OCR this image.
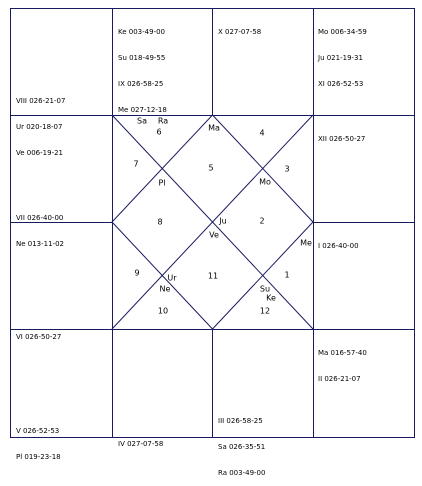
VIII 026-21-07

Ur 020-18-07

Ve 006-19-21

Ke 003-49-00

Su 018-49-55

IX 026-58-25

Me 027-12-18

X 027-07-58

	Mo 006-34-59

Ju 021-19-31

XI 026-52-53

VII 026-40-00

Ne 013-11-02

XII 026-50-27

VI 026-50-27

I 026-40-00

V 026-52-53

Pl 019-23-18

IV 027-07-58

III 026-58-25

Sa 026-35-51

Ra 003-49-00

Ma 016-57-40

II 026-21-07

Sa Ra
6	Ma
4
7	5	3
Pl	Mo
8	Ju	2
Ve
Me
9
Ur	11	1
Ne	Su
Ke
10	12
